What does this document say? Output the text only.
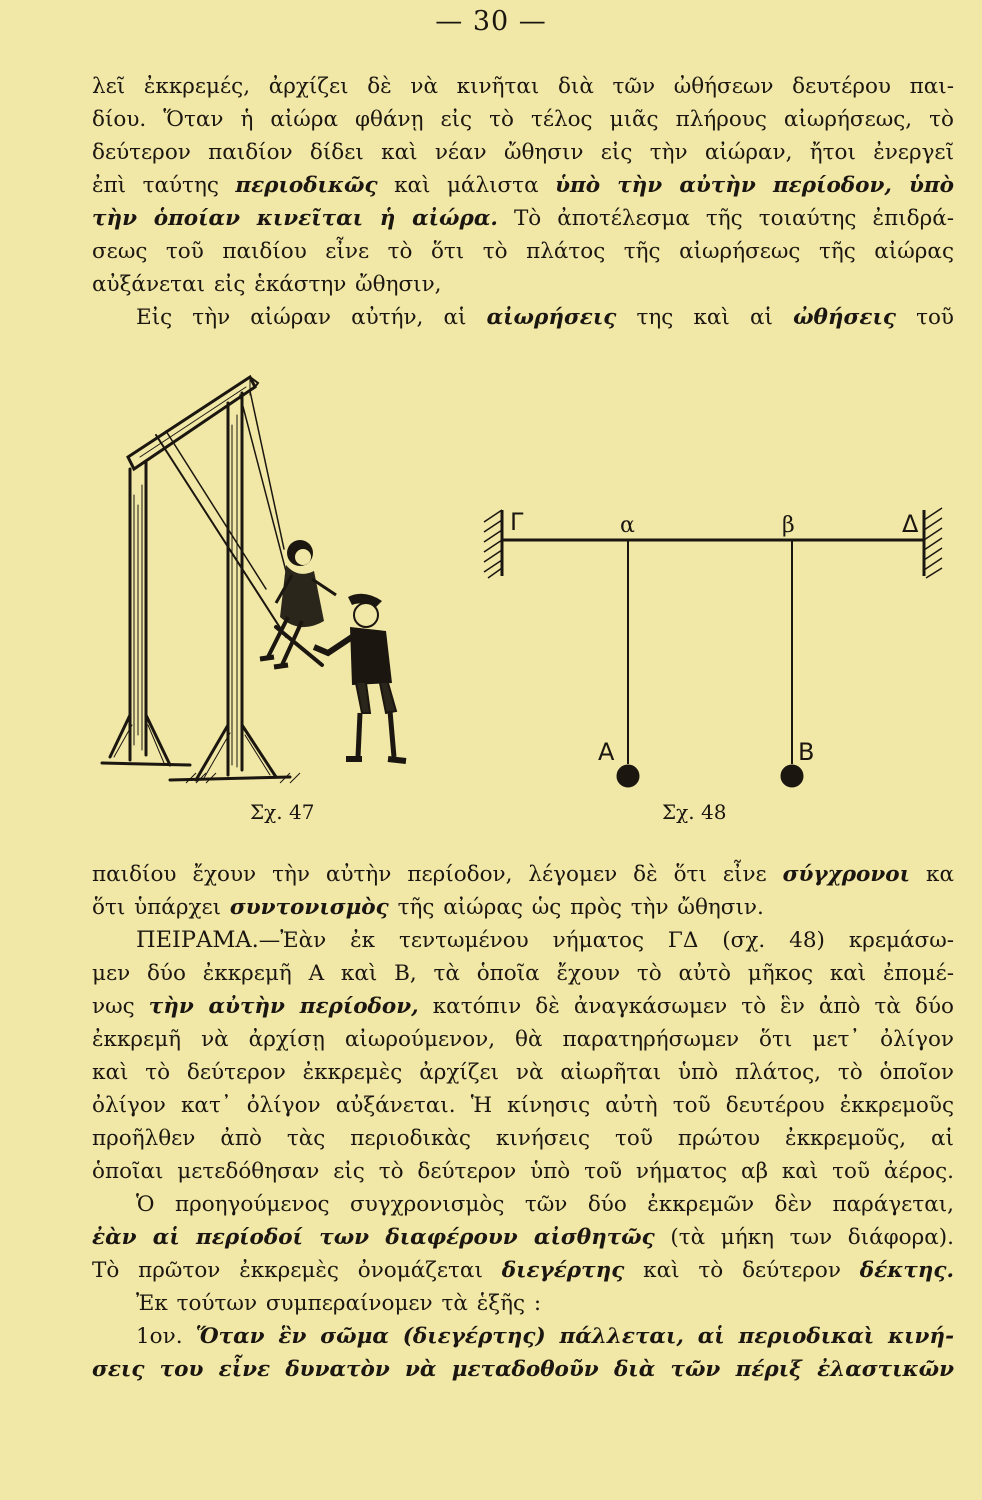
— 30 —
λεῖ ἐκκρεμές, ἀρχίζει δὲ νὰ κινῆται διὰ τῶν ὠθήσεων δευτέρου παι-
δίου. Ὅταν ἡ αἰώρα φθάνῃ εἰς τὸ τέλος μιᾶς πλήρους αἰωρήσεως, τὸ
δεύτερον παιδίον δίδει καὶ νέαν ὤθησιν εἰς τὴν αἰώραν, ἤτοι ἐνεργεῖ
ἐπὶ ταύτης περιοδικῶς καὶ μάλιστα ὑπὸ τὴν αὐτὴν περίοδον, ὑπὸ
τὴν ὁποίαν κινεῖται ἡ αἰώρα. Τὸ ἀποτέλεσμα τῆς τοιαύτης ἐπιδρά-
σεως τοῦ παιδίου εἶνε τὸ ὅτι τὸ πλάτος τῆς αἰωρήσεως τῆς αἰώρας
αὐξάνεται εἰς ἑκάστην ὤθησιν,
Εἰς τὴν αἰώραν αὐτήν, αἱ αἰωρήσεις της καὶ αἱ ὠθήσεις τοῦ
Σχ. 47
Γ	α	β	Δ
Α	Β
Σχ. 48
παιδίου ἔχουν τὴν αὐτὴν περίοδον, λέγομεν δὲ ὅτι εἶνε σύγχρονοι κα
ὅτι ὑπάρχει συντονισμὸς τῆς αἰώρας ὡς πρὸς τὴν ὤθησιν.
ΠΕΙΡΑΜΑ.—Ἐὰν ἐκ τεντωμένου νήματος ΓΔ (σχ. 48) κρεμάσω-
μεν δύο ἐκκρεμῆ Α καὶ Β, τὰ ὁποῖα ἔχουν τὸ αὐτὸ μῆκος καὶ ἐπομέ-
νως τὴν αὐτὴν περίοδον, κατόπιν δὲ ἀναγκάσωμεν τὸ ἓν ἀπὸ τὰ δύο
ἐκκρεμῆ νὰ ἀρχίσῃ αἰωρούμενον, θὰ παρατηρήσωμεν ὅτι μετ᾽ ὀλίγον
καὶ τὸ δεύτερον ἐκκρεμὲς ἀρχίζει νὰ αἰωρῆται ὑπὸ πλάτος, τὸ ὁποῖον
ὀλίγον κατ᾽ ὀλίγον αὐξάνεται. Ἡ κίνησις αὐτὴ τοῦ δευτέρου ἐκκρεμοῦς
προῆλθεν ἀπὸ τὰς περιοδικὰς κινήσεις τοῦ πρώτου ἐκκρεμοῦς, αἱ
ὁποῖαι μετεδόθησαν εἰς τὸ δεύτερον ὑπὸ τοῦ νήματος αβ καὶ τοῦ ἀέρος.
Ὁ προηγούμενος συγχρονισμὸς τῶν δύο ἐκκρεμῶν δὲν παράγεται,
ἐὰν αἱ περίοδοί των διαφέρουν αἰσθητῶς (τὰ μήκη των διάφορα).
Τὸ πρῶτον ἐκκρεμὲς ὀνομάζεται διεγέρτης καὶ τὸ δεύτερον δέκτης.
Ἐκ τούτων συμπεραίνομεν τὰ ἑξῆς :
1ον. Ὅταν ἓν σῶμα (διεγέρτης) πάλλεται, αἱ περιοδικαὶ κινή-
σεις του εἶνε δυνατὸν νὰ μεταδοθοῦν διὰ τῶν πέριξ ἐλαστικῶν
